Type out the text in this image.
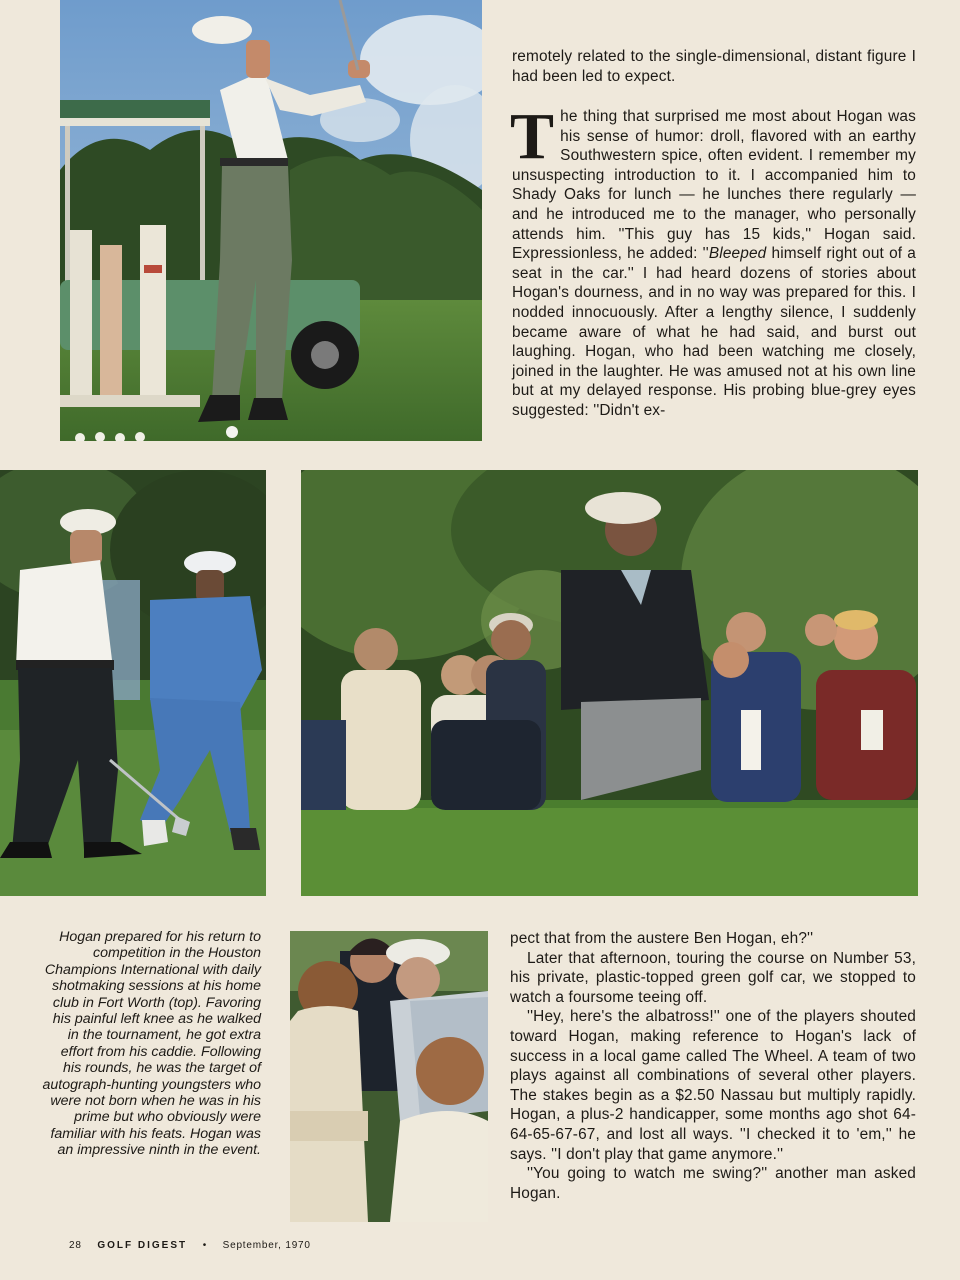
remotely related to the single-dimensional, distant figure I had been led to expect.

The thing that surprised me most about Hogan was his sense of humor: droll, flavored with an earthy Southwestern spice, often evident. I remember my unsuspecting introduction to it. I accompanied him to Shady Oaks for lunch — he lunches there regularly — and he introduced me to the manager, who personally attends him. ''This guy has 15 kids,'' Hogan said. Expressionless, he added: ''Bleeped himself right out of a seat in the car.'' I had heard dozens of stories about Hogan's dourness, and in no way was prepared for this. I nodded innocuously. After a lengthy silence, I suddenly became aware of what he had said, and burst out laughing. Hogan, who had been watching me closely, joined in the laughter. He was amused not at his own line but at my delayed response. His probing blue-grey eyes suggested: ''Didn't ex-

Hogan prepared for his return to competition in the Houston Champions International with daily shotmaking sessions at his home club in Fort Worth (top). Favoring his painful left knee as he walked in the tournament, he got extra effort from his caddie. Following his rounds, he was the target of autograph-hunting youngsters who were not born when he was in his prime but who obviously were familiar with his feats. Hogan was an impressive ninth in the event.

pect that from the austere Ben Hogan, eh?''

Later that afternoon, touring the course on Number 53, his private, plastic-topped green golf car, we stopped to watch a foursome teeing off.

''Hey, here's the albatross!'' one of the players shouted toward Hogan, making reference to Hogan's lack of success in a local game called The Wheel. A team of two plays against all combinations of several other players. The stakes begin as a $2.50 Nassau but multiply rapidly. Hogan, a plus-2 handicapper, some months ago shot 64-64-65-67-67, and lost all ways. ''I checked it to 'em,'' he says. ''I don't play that game anymore.''

''You going to watch me swing?'' another man asked Hogan.

28 GOLF DIGEST • September, 1970
